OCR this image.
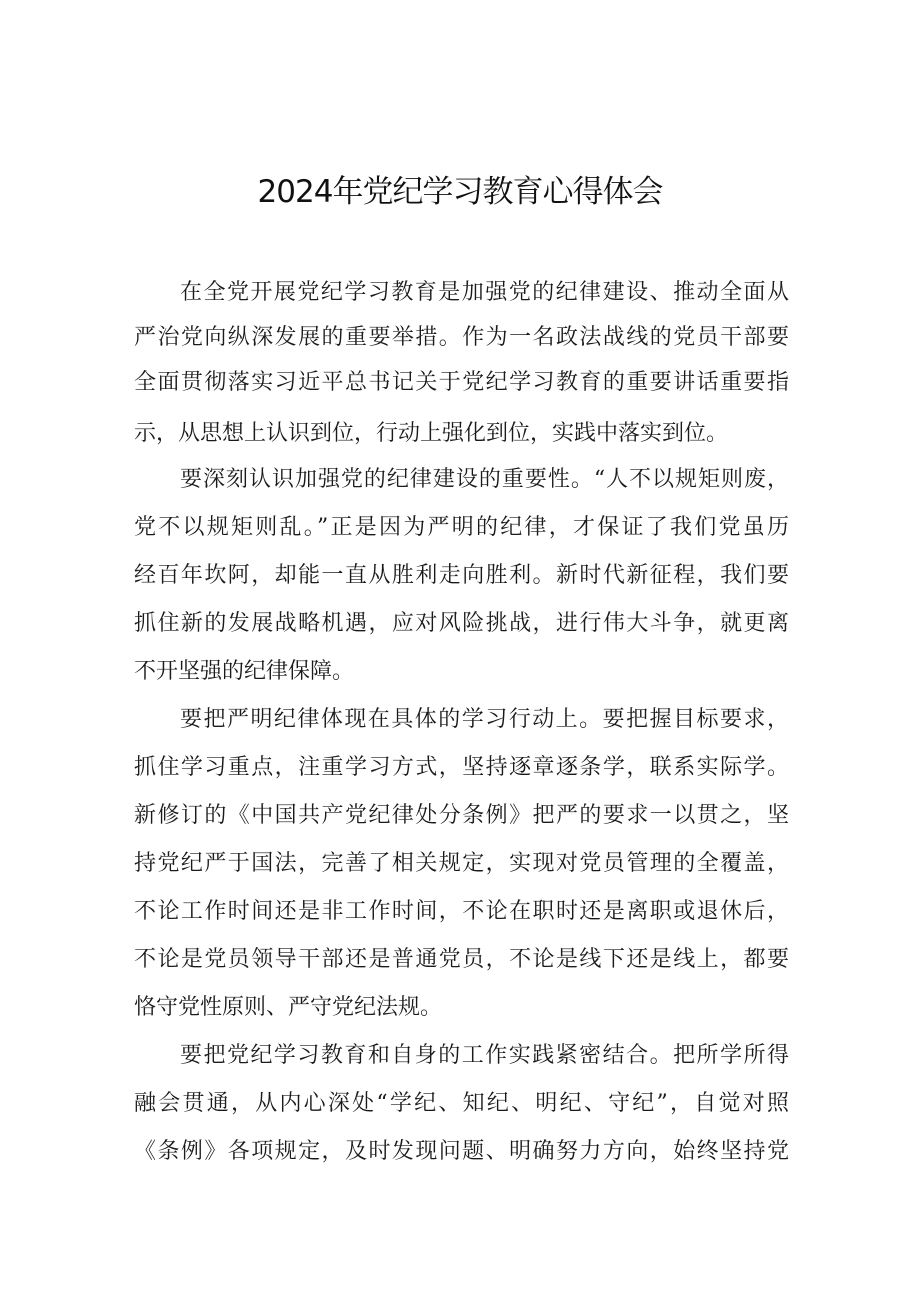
2024年党纪学习教育心得体会
在全党开展党纪学习教育是加强党的纪律建设、推动全面从
严治党向纵深发展的重要举措。作为一名政法战线的党员干部要
全面贯彻落实习近平总书记关于党纪学习教育的重要讲话重要指
示，从思想上认识到位，行动上强化到位，实践中落实到位。
要深刻认识加强党的纪律建设的重要性。“人不以规矩则废，
党不以规矩则乱。”正是因为严明的纪律，才保证了我们党虽历
经百年坎阿，却能一直从胜利走向胜利。新时代新征程，我们要
抓住新的发展战略机遇，应对风险挑战，进行伟大斗争，就更离
不开坚强的纪律保障。
要把严明纪律体现在具体的学习行动上。要把握目标要求，
抓住学习重点，注重学习方式，坚持逐章逐条学，联系实际学。
新修订的《中国共产党纪律处分条例》把严的要求一以贯之，坚
持党纪严于国法，完善了相关规定，实现对党员管理的全覆盖，
不论工作时间还是非工作时间，不论在职时还是离职或退休后，
不论是党员领导干部还是普通党员，不论是线下还是线上，都要
恪守党性原则、严守党纪法规。
要把党纪学习教育和自身的工作实践紧密结合。把所学所得
融会贯通，从内心深处“学纪、知纪、明纪、守纪”，自觉对照
《条例》各项规定，及时发现问题、明确努力方向，始终坚持党
